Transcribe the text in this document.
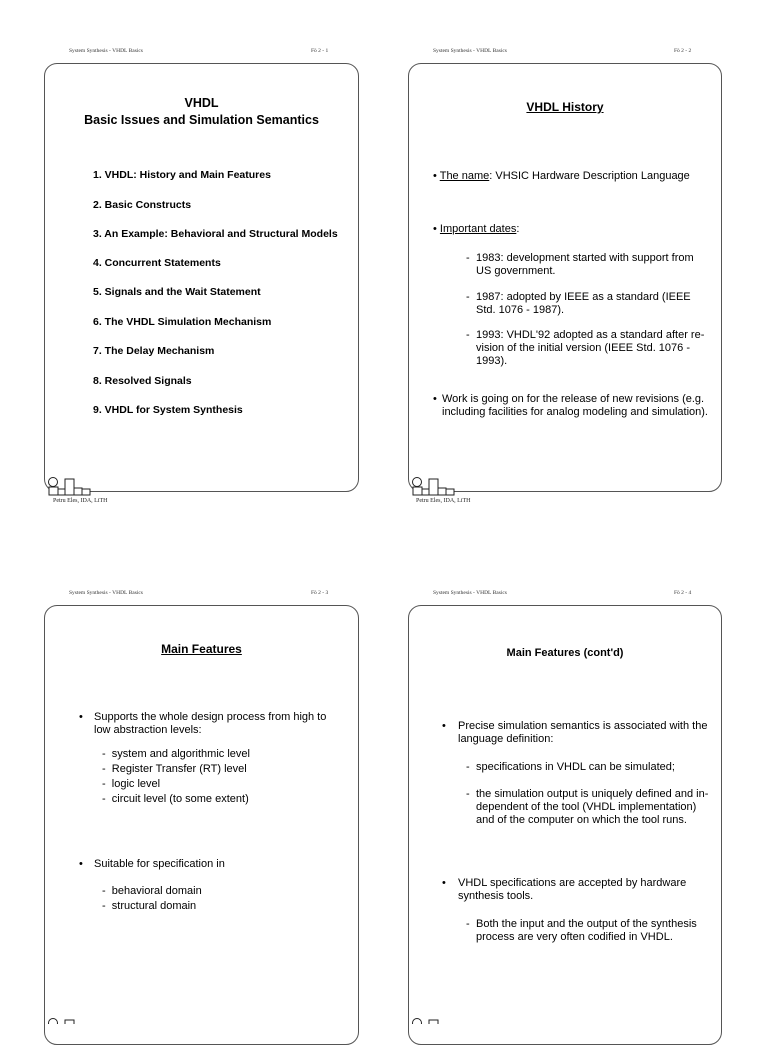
System Synthesis - VHDL Basics	Fö 2 - 1	System Synthesis - VHDL Basics	Fö 2 - 2
System Synthesis - VHDL Basics	Fö 2 - 3	System Synthesis - VHDL Basics	Fö 2 - 4
VHDL
Basic Issues and Simulation Semantics
1. VHDL: History and Main Features
2. Basic Constructs
3. An Example: Behavioral and Structural Models
4. Concurrent Statements
5. Signals and the Wait Statement
6. The VHDL Simulation Mechanism
7. The Delay Mechanism
8. Resolved Signals
9. VHDL for System Synthesis
VHDL History
• The name: VHSIC Hardware Description Language
• Important dates:
- 1983: development started with support from
US government.
- 1987: adopted by IEEE as a standard (IEEE
Std. 1076 - 1987).
- 1993: VHDL'92 adopted as a standard after re-
vision of the initial version (IEEE Std. 1076 -
1993).
• Work is going on for the release of new revisions (e.g.
including facilities for analog modeling and simulation).
Main Features
• Supports the whole design process from high to
low abstraction levels:
- system and algorithmic level
- Register Transfer (RT) level
- logic level
- circuit level (to some extent)
• Suitable for specification in
- behavioral domain
- structural domain
Main Features (cont'd)
• Precise simulation semantics is associated with the
language definition:
- specifications in VHDL can be simulated;
- the simulation output is uniquely defined and in-
dependent of the tool (VHDL implementation)
and of the computer on which the tool runs.
• VHDL specifications are accepted by hardware
synthesis tools.
- Both the input and the output of the synthesis
process are very often codified in VHDL.
Petru Eles, IDA, LiTH	Petru Eles, IDA, LiTH
